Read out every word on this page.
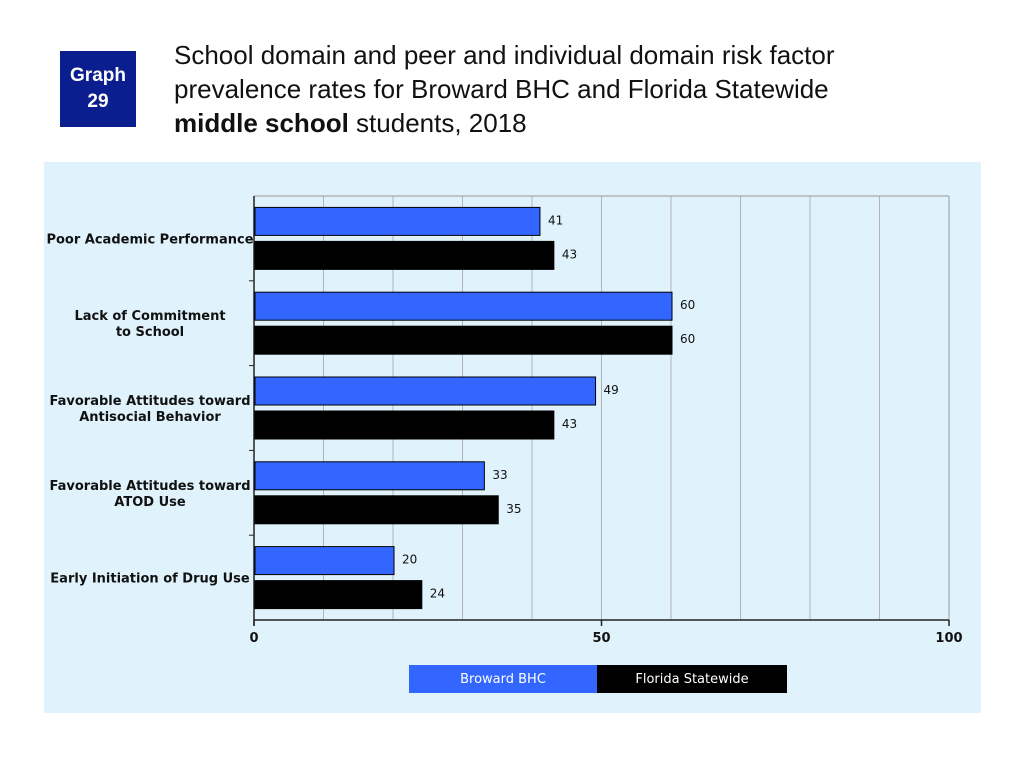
Graph
29
School domain and peer and individual domain risk factor
prevalence rates for Broward BHC and Florida Statewide
middle school students, 2018
0	50	100
41
43
Poor Academic Performance
60
60
Lack of Commitment
to School
49
43
Favorable Attitudes toward
Antisocial Behavior
33
35
Favorable Attitudes toward
ATOD Use
20
24
Early Initiation of Drug Use
Broward BHC	Florida Statewide
